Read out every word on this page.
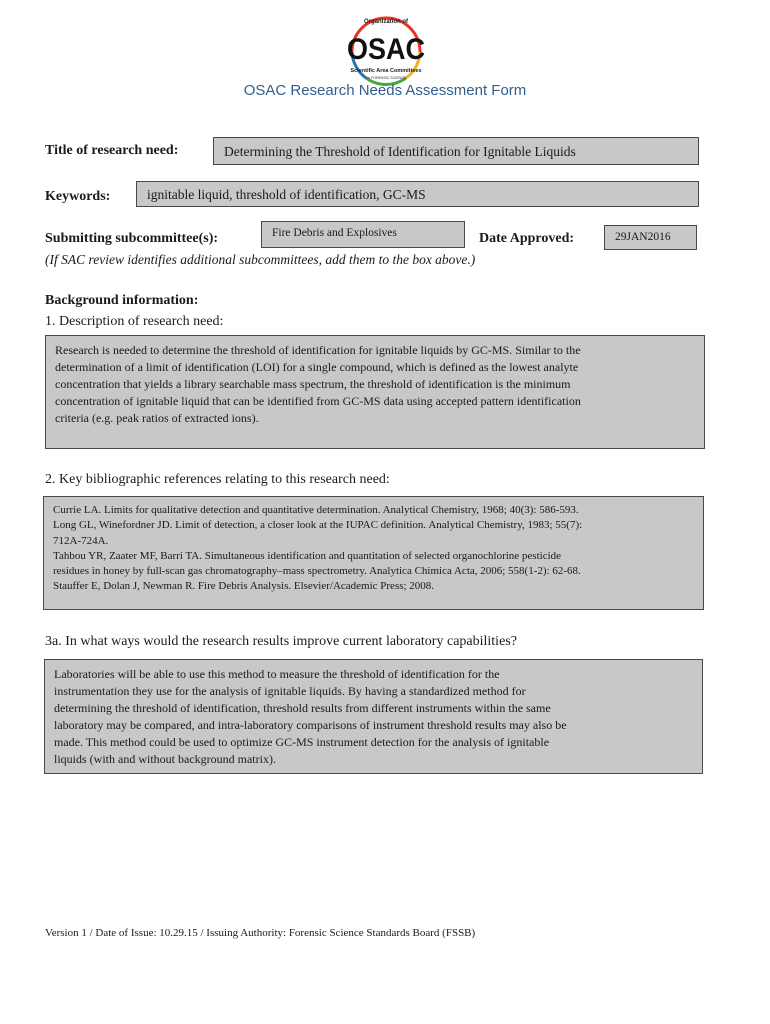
Organization of
OSAC
Scientific Area Committees
for FORENSIC SCIENCE
OSAC Research Needs Assessment Form
Title of research need:	Determining the Threshold of Identification for Ignitable Liquids
Keywords:	ignitable liquid, threshold of identification, GC-MS
Submitting subcommittee(s):	Fire Debris and Explosives	Date Approved:	29JAN2016
(If SAC review identifies additional subcommittees, add them to the box above.)
Background information:
1. Description of research need:

Research is needed to determine the threshold of identification for ignitable liquids by GC-MS. Similar to the

determination of a limit of identification (LOI) for a single compound, which is defined as the lowest analyte

concentration that yields a library searchable mass spectrum, the threshold of identification is the minimum

concentration of ignitable liquid that can be identified from GC-MS data using accepted pattern identification

criteria (e.g. peak ratios of extracted ions).

2. Key bibliographic references relating to this research need:

Currie LA. Limits for qualitative detection and quantitative determination. Analytical Chemistry, 1968; 40(3): 586-593.

Long GL, Winefordner JD. Limit of detection, a closer look at the IUPAC definition. Analytical Chemistry, 1983; 55(7):

712A-724A.

Tahbou YR, Zaater MF, Barri TA. Simultaneous identification and quantitation of selected organochlorine pesticide

residues in honey by full-scan gas chromatography–mass spectrometry. Analytica Chimica Acta, 2006; 558(1-2): 62-68.

Stauffer E, Dolan J, Newman R. Fire Debris Analysis. Elsevier/Academic Press; 2008.

3a. In what ways would the research results improve current laboratory capabilities?

Laboratories will be able to use this method to measure the threshold of identification for the

instrumentation they use for the analysis of ignitable liquids. By having a standardized method for

determining the threshold of identification, threshold results from different instruments within the same

laboratory may be compared, and intra-laboratory comparisons of instrument threshold results may also be

made. This method could be used to optimize GC-MS instrument detection for the analysis of ignitable

liquids (with and without background matrix).

Version 1 / Date of Issue: 10.29.15 / Issuing Authority: Forensic Science Standards Board (FSSB)
